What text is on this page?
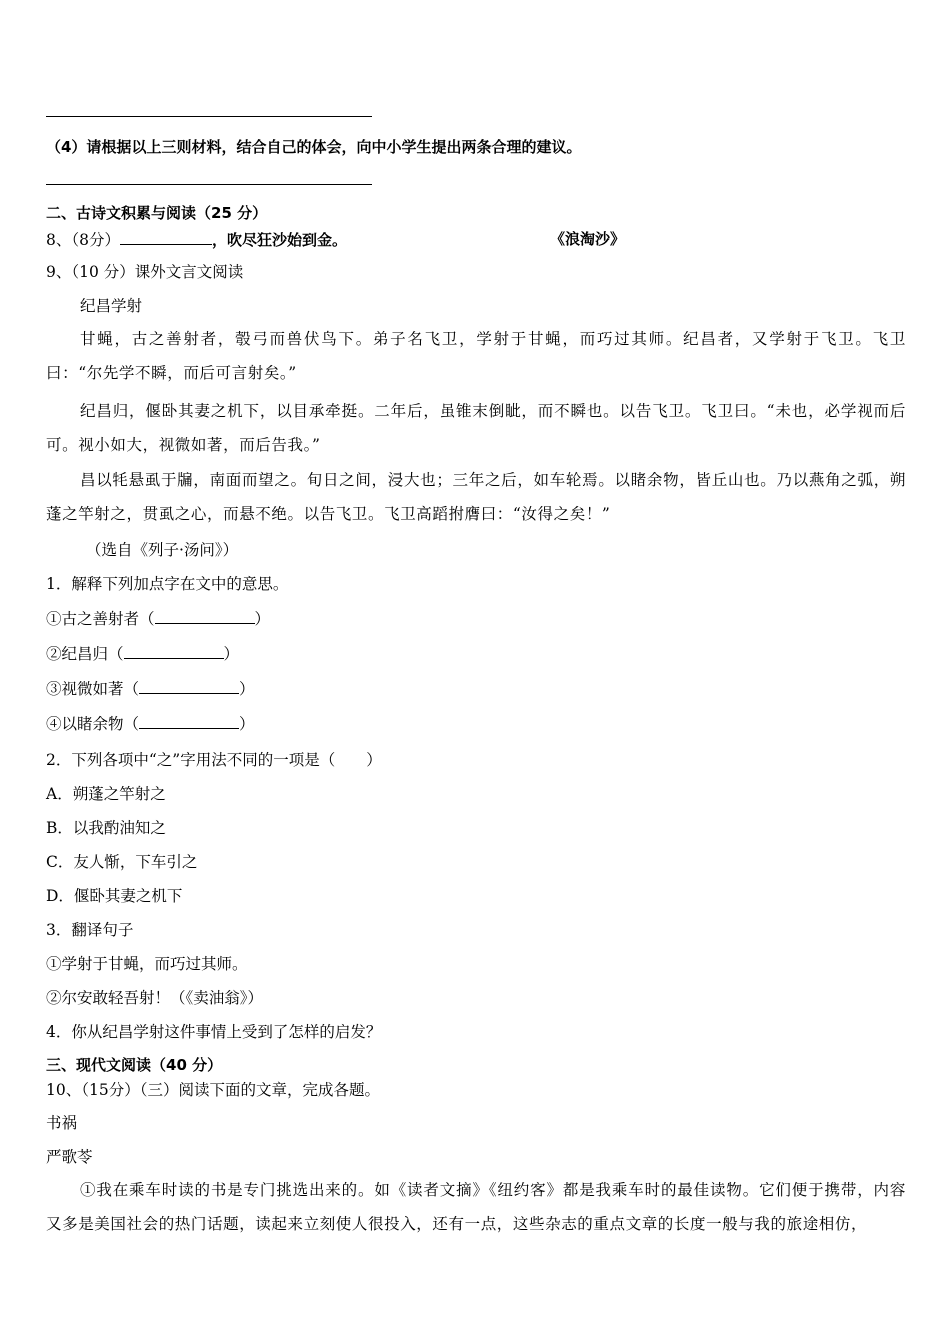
（4）请根据以上三则材料，结合自己的体会，向中小学生提出两条合理的建议。
二、古诗文积累与阅读（25 分）
8、（8分）	，吹尽狂沙始到金。	《浪淘沙》
9、（10 分）课外文言文阅读
纪昌学射
甘蝇，古之善射者，彀弓而兽伏鸟下。弟子名飞卫，学射于甘蝇，而巧过其师。纪昌者，又学射于飞卫。飞卫曰：“尔先学不瞬，而后可言射矣。”
纪昌归，偃卧其妻之机下，以目承牵挺。二年后，虽锥末倒眦，而不瞬也。以告飞卫。飞卫曰。“未也，必学视而后可。视小如大，视微如著，而后告我。”
昌以牦悬虱于牖，南面而望之。旬日之间，浸大也；三年之后，如车轮焉。以睹余物，皆丘山也。乃以燕角之弧，朔蓬之竿射之，贯虱之心，而悬不绝。以告飞卫。飞卫高蹈拊膺曰：“汝得之矣！”
（选自《列子·汤问》）
1．解释下列加点字在文中的意思。
①古之善射者（	）
②纪昌归（	）
③视微如著（	）
④以睹余物（	）
2．下列各项中“之”字用法不同的一项是（　　）
A．朔蓬之竿射之
B．以我酌油知之
C．友人惭，下车引之
D．偃卧其妻之机下
3．翻译句子
①学射于甘蝇，而巧过其师。
②尔安敢轻吾射！（《卖油翁》）
4．你从纪昌学射这件事情上受到了怎样的启发？
三、现代文阅读（40 分）
10、（15分）（三）阅读下面的文章，完成各题。
书祸
严歌苓
①我在乘车时读的书是专门挑选出来的。如《读者文摘》《纽约客》都是我乘车时的最佳读物。它们便于携带，内容又多是美国社会的热门话题，读起来立刻使人很投入，还有一点，这些杂志的重点文章的长度一般与我的旅途相仿，
